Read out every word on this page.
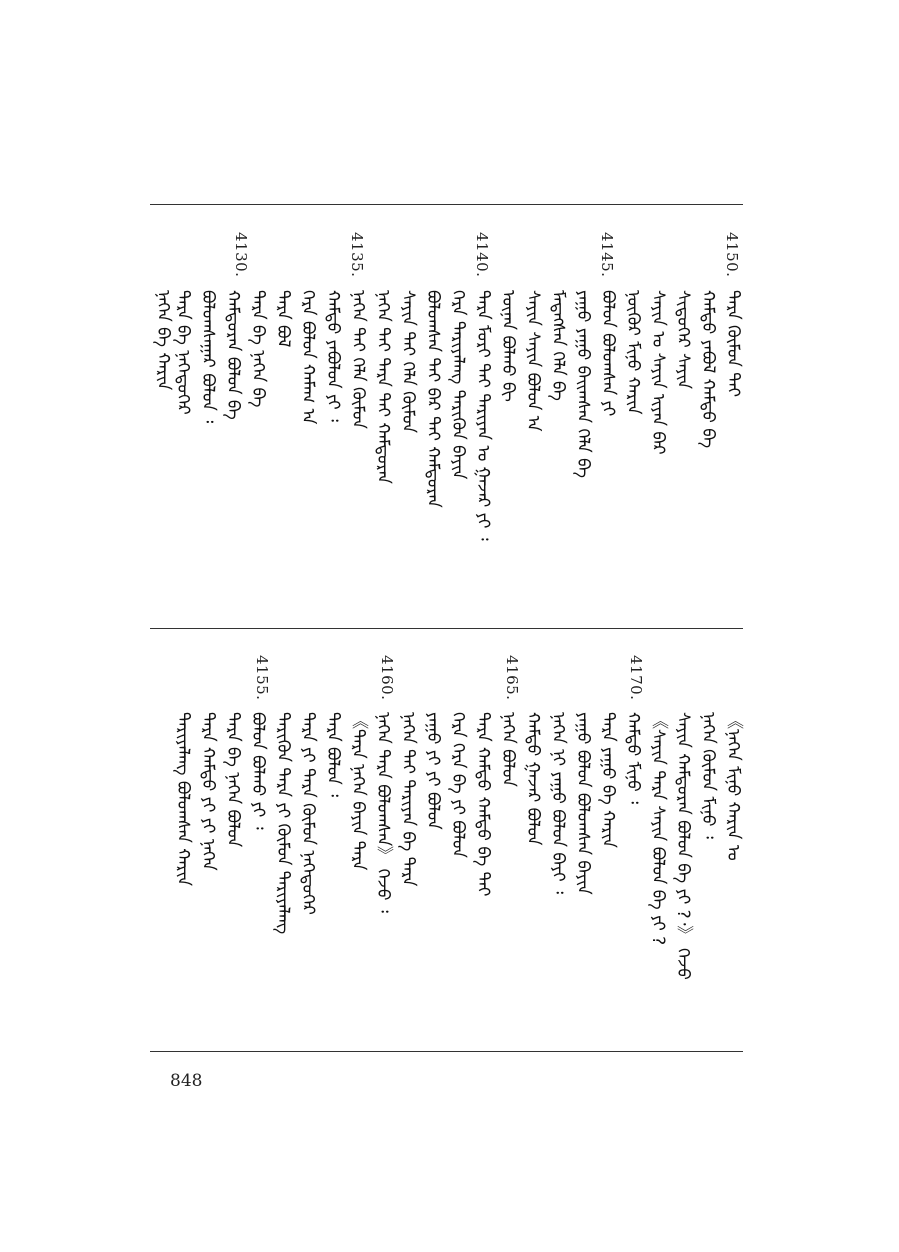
4150.
ᠲᠡᠷᠡ ᠬᠦᠮᠦᠨ ᠲᠠᠢ
ᠬᠠᠮᠲᠤ ᠶᠠᠪᠤᠯ ᠬᠠᠮᠲᠤ ᠪᠠ
ᠰᠢᠳᠦᠭᠡᠷ ᠰᠠᠶᠢᠨ
ᠰᠠᠶᠢᠨ ᠤ ᠰᠠᠶᠢᠨ ᠢᠶᠠᠨ ᠪᠡᠷ
ᠨᠥᠬᠦᠷ ᠮᠢᠨᠦ ᠬᠠᠷᠢᠨ
4145.
ᠪᠣᠯᠤᠨ ᠪᠣᠯᠤᠭᠰᠠᠨ ᠶᠢ
ᠶᠠᠭᠤ ᠶᠠᠭᠤ ᠪᠠᠢᠭᠰᠠᠨ ᠬᠡᠯᠡ ᠪᠠ
ᠮᠡᠳᠡᠭᠰᠡᠨ ᠬᠡᠯᠡ ᠪᠠ
ᠰᠠᠶᠢᠨ ᠰᠠᠶᠢᠨ ᠪᠣᠯᠤᠨ ᠠ
ᠦᠨᠡᠨ ᠪᠣᠯᠬᠤ ᠪᠢ
4140.
ᠲᠡᠷᠡ ᠮᠣᠷᠢ ᠲᠠᠢ ᠲᠠᠷᠢᠶᠠᠨ ᠤ ᠭᠠᠵᠠᠷ ᠶᠢ ᠄
ᠬᠡᠷᠡ ᠲᠠᠷᠢᠶᠠᠯᠠᠩ ᠲᠡᠷᠢᠭᠦᠨ ᠪᠠᠶᠢᠨ
ᠪᠣᠯᠤᠭᠰᠠᠨ ᠲᠠᠢ ᠪᠡᠷ ᠲᠠᠢ ᠬᠠᠮᠲᠤᠷᠠᠨ
ᠰᠠᠶᠢᠨ ᠲᠠᠢ ᠬᠡᠯᠡ ᠬᠦᠮᠦᠨ
ᠨᠡᠭᠡᠨ ᠲᠠᠢ ᠲᠡᠷᠡ ᠲᠠᠢ ᠬᠠᠮᠲᠤᠷᠠᠨ
4135.
ᠨᠡᠭᠡᠨ ᠲᠠᠢ ᠬᠡᠯᠡ ᠬᠦᠮᠦᠨ
ᠬᠠᠮᠲᠤ ᠶᠠᠪᠤᠯᠤᠨ ᠶᠢ ᠄
ᠬᠡᠷᠡ ᠪᠣᠯᠤᠨ ᠬᠠᠮᠠᠭ ᠠ
ᠲᠡᠷᠡ ᠪᠣᠯ
4130.
ᠲᠡᠷᠡ ᠪᠠ ᠨᠡᠭᠡᠨ ᠪᠠ
ᠬᠠᠮᠲᠤᠷᠠᠨ ᠪᠣᠯᠤᠨ ᠪᠠ
ᠪᠣᠯᠤᠭᠰᠠᠭᠠᠷ ᠪᠣᠯᠤᠨ ᠄
ᠲᠡᠷᠡ ᠪᠠ ᠨᠡᠭᠡᠳᠦᠭᠡᠷ
ᠨᠡᠭᠡᠨ ᠪᠠ ᠬᠠᠷᠢᠨ
4170.
《ᠨᠡᠭᠡᠨ ᠮᠢᠨᠦ ᠬᠠᠷᠢᠨ ᠤ
ᠨᠡᠭᠡᠨ ᠬᠦᠮᠦᠨ ᠮᠢᠨᠦ ᠄
ᠰᠠᠶᠢᠨ ᠬᠠᠮᠲᠤᠷᠠᠨ ᠪᠣᠯᠤᠨ ᠪᠠ ᠶᠢ ?᠂》 ᠭᠡᠵᠦ
《ᠰᠠᠶᠢᠨ ᠲᠡᠷᠡ ᠰᠠᠶᠢᠨ ᠪᠣᠯᠤᠨ ᠪᠠ ᠶᠢ ?
ᠬᠠᠮᠲᠤ ᠮᠢᠨᠦ ᠄
ᠲᠡᠷᠡ ᠶᠠᠭᠤ ᠪᠠ ᠬᠠᠷᠢᠨ
4165.
ᠶᠠᠭᠤ ᠪᠣᠯᠤᠨ ᠪᠣᠯᠤᠭᠰᠠᠨ ᠪᠠᠶᠢᠨ
ᠨᠡᠭᠡᠨ ᠨᠢ ᠶᠠᠭᠤ ᠪᠣᠯᠤᠨ ᠪᠠᠶᠢ ᠄
ᠬᠠᠮᠲᠤ ᠭᠠᠵᠠᠷ ᠪᠣᠯᠤᠨ
ᠨᠡᠭᠡᠨ ᠪᠣᠯᠤᠨ
4160.
ᠲᠡᠷᠡ ᠬᠠᠮᠲᠤ ᠬᠠᠮᠲᠤ ᠪᠠ ᠲᠠᠢ
ᠬᠡᠷᠡ ᠬᠡᠷᠡ ᠪᠠ ᠶᠢ ᠪᠣᠯᠤᠨ
ᠶᠠᠭᠤ ᠶᠢ ᠶᠢ ᠪᠣᠯᠤᠨ
ᠨᠡᠭᠡᠨ ᠲᠠᠢ ᠲᠠᠷᠢᠶᠠᠨ ᠪᠠ ᠲᠡᠷᠡ
ᠨᠡᠭᠡᠨ ᠲᠡᠷᠡ ᠪᠣᠯᠤᠭᠰᠠᠨ》 ᠭᠡᠵᠦ ᠄
《ᠲᠡᠷᠡ ᠨᠡᠭᠡᠨ ᠪᠠᠶᠢᠨ ᠲᠡᠷᠡ
4155.
ᠲᠡᠷᠡ ᠪᠣᠯᠤᠨ ᠄
ᠲᠡᠷᠡ ᠶᠢ ᠲᠡᠷᠡ ᠬᠦᠮᠦᠨ ᠨᠡᠭᠡᠳᠦᠭᠡᠷ
ᠲᠡᠷᠢᠭᠦᠨ ᠲᠡᠷᠡ ᠶᠢ ᠬᠦᠮᠦᠨ ᠲᠠᠷᠢᠶᠠᠯᠠᠩ
ᠪᠣᠯᠤᠨ ᠪᠣᠯᠬᠤ ᠶᠢ ᠄
ᠲᠡᠷᠡ ᠪᠠ ᠨᠡᠭᠡᠨ ᠪᠣᠯᠤᠨ
ᠲᠡᠷᠡ ᠬᠠᠮᠲᠤ ᠶᠢ ᠶᠢ ᠨᠡᠭᠡᠨ
ᠲᠠᠷᠢᠶᠠᠯᠠᠩ ᠪᠣᠯᠤᠭᠰᠠᠨ ᠬᠠᠷᠢᠨ
848
